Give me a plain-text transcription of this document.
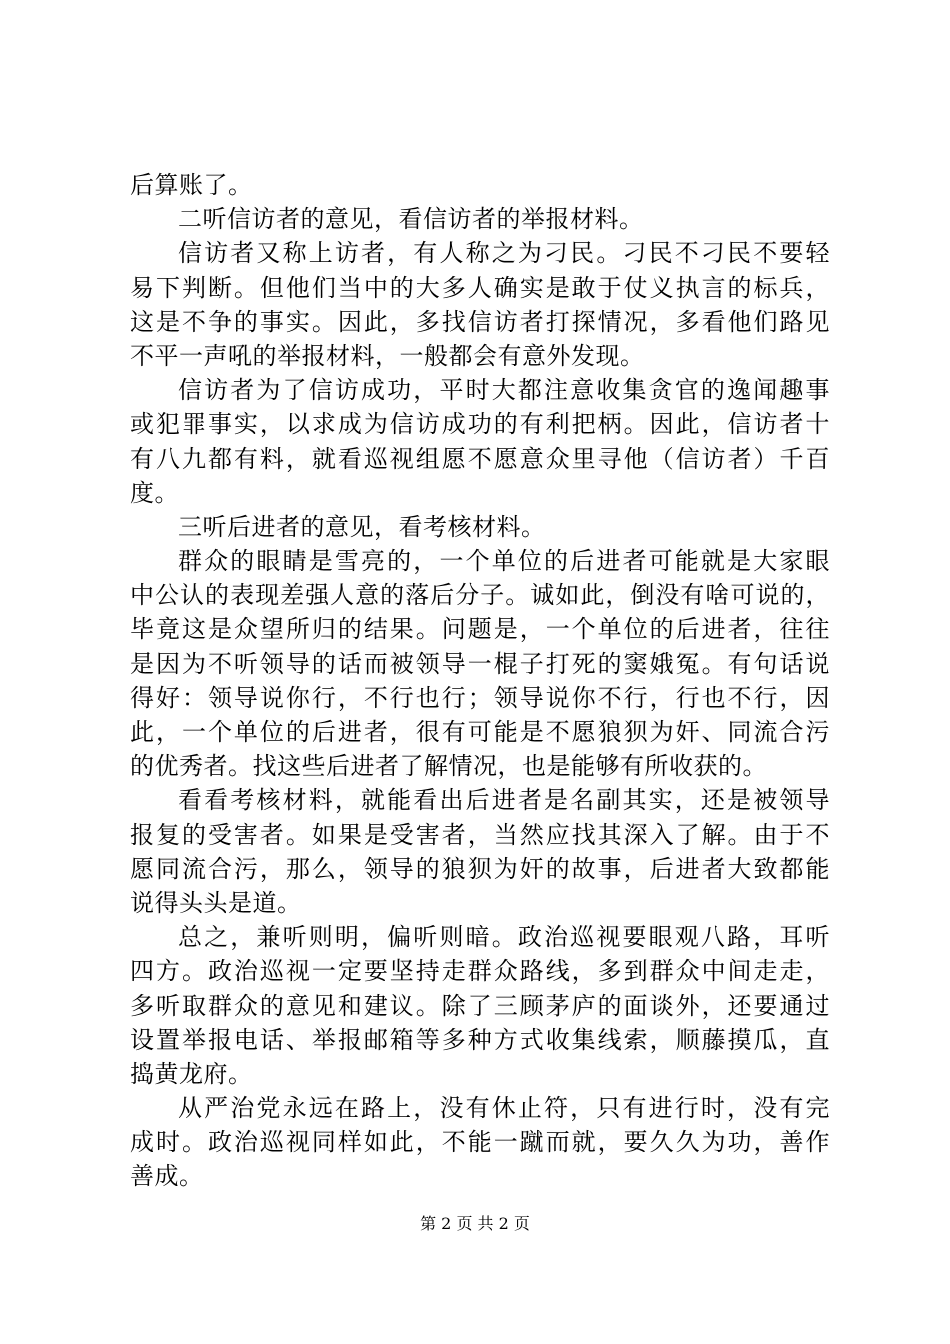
后算账了。
二听信访者的意见，看信访者的举报材料。
信访者又称上访者，有人称之为刁民。刁民不刁民不要轻
易下判断。但他们当中的大多人确实是敢于仗义执言的标兵，
这是不争的事实。因此，多找信访者打探情况，多看他们路见
不平一声吼的举报材料，一般都会有意外发现。
信访者为了信访成功，平时大都注意收集贪官的逸闻趣事
或犯罪事实，以求成为信访成功的有利把柄。因此，信访者十
有八九都有料，就看巡视组愿不愿意众里寻他（信访者）千百
度。
三听后进者的意见，看考核材料。
群众的眼睛是雪亮的，一个单位的后进者可能就是大家眼
中公认的表现差强人意的落后分子。诚如此，倒没有啥可说的，
毕竟这是众望所归的结果。问题是，一个单位的后进者，往往
是因为不听领导的话而被领导一棍子打死的窦娥冤。有句话说
得好：领导说你行，不行也行；领导说你不行，行也不行，因
此，一个单位的后进者，很有可能是不愿狼狈为奸、同流合污
的优秀者。找这些后进者了解情况，也是能够有所收获的。
看看考核材料，就能看出后进者是名副其实，还是被领导
报复的受害者。如果是受害者，当然应找其深入了解。由于不
愿同流合污，那么，领导的狼狈为奸的故事，后进者大致都能
说得头头是道。
总之，兼听则明，偏听则暗。政治巡视要眼观八路，耳听
四方。政治巡视一定要坚持走群众路线，多到群众中间走走，
多听取群众的意见和建议。除了三顾茅庐的面谈外，还要通过
设置举报电话、举报邮箱等多种方式收集线索，顺藤摸瓜，直
捣黄龙府。
从严治党永远在路上，没有休止符，只有进行时，没有完
成时。政治巡视同样如此，不能一蹴而就，要久久为功，善作
善成。
第 2 页 共 2 页
